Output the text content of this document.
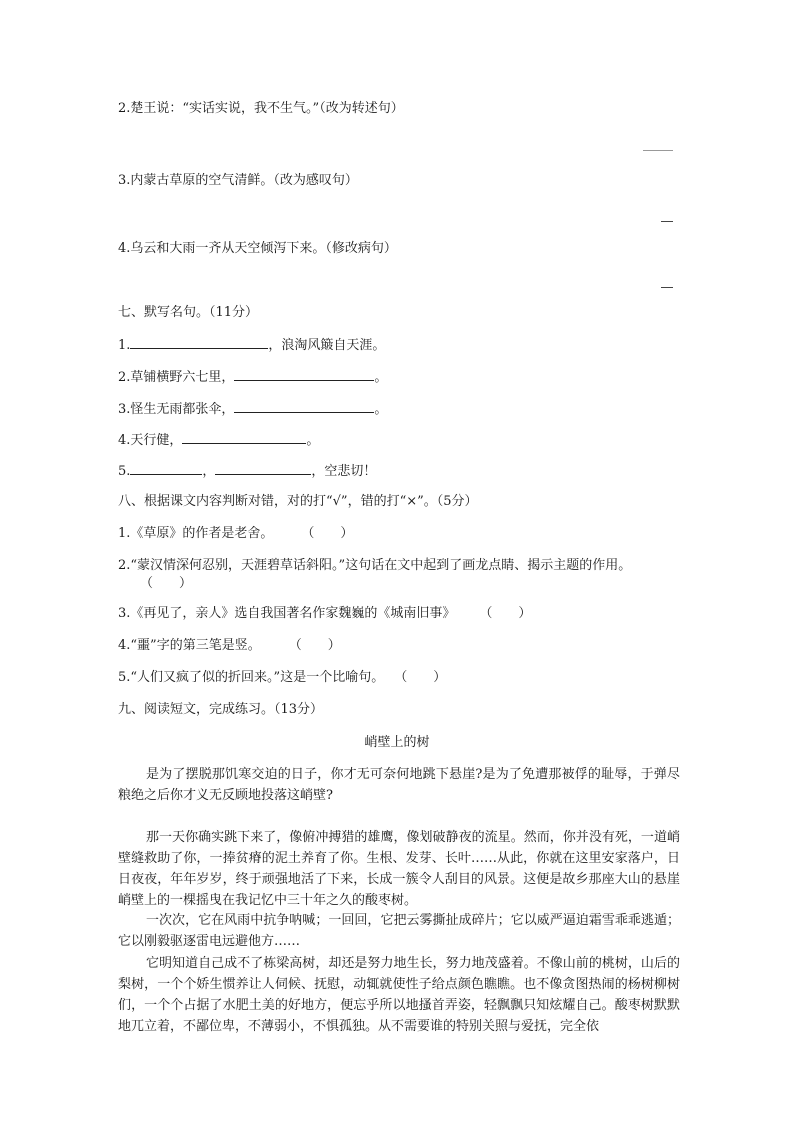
2.楚王说：“实话实说，我不生气。”（改为转述句）
3.内蒙古草原的空气清鲜。（改为感叹句）
4.乌云和大雨一齐从天空倾泻下来。（修改病句）
七、默写名句。（11分）
1.	，浪淘风簸自天涯。
2.草铺横野六七里，	。
3.怪生无雨都张伞，	。
4.天行健，	。
5.	，	，空悲切！
八、根据课文内容判断对错，对的打“√”，错的打“×”。（5分）
1.《草原》的作者是老舍。 （　　）
2.“蒙汉情深何忍别，天涯碧草话斜阳。”这句话在文中起到了画龙点睛、揭示主题的作用。
（　　）
3.《再见了，亲人》选自我国著名作家魏巍的《城南旧事》 （　　）
4.“噩”字的第三笔是竖。 （　　）
5.“人们又疯了似的折回来。”这是一个比喻句。 （　　）
九、阅读短文，完成练习。（13分）
峭壁上的树

是为了摆脱那饥寒交迫的日子，你才无可奈何地跳下悬崖?是为了免遭那被俘的耻辱，于弹尽粮绝之后你才义无反顾地投落这峭壁?

那一天你确实跳下来了，像俯冲搏猎的雄鹰，像划破静夜的流星。然而，你并没有死，一道峭壁缝救助了你，一捧贫瘠的泥土养育了你。生根、发芽、长叶……从此，你就在这里安家落户，日日夜夜，年年岁岁，终于顽强地活了下来，长成一簇令人刮目的风景。这便是故乡那座大山的悬崖峭壁上的一棵摇曳在我记忆中三十年之久的酸枣树。

一次次，它在风雨中抗争呐喊；一回回，它把云雾撕扯成碎片；它以威严逼迫霜雪乖乖逃遁；它以刚毅驱逐雷电远避他方……

它明知道自己成不了栋梁高树，却还是努力地生长，努力地茂盛着。不像山前的桃树，山后的梨树，一个个娇生惯养让人伺候、抚慰，动辄就使性子给点颜色瞧瞧。也不像贪图热闹的杨树柳树们，一个个占据了水肥土美的好地方，便忘乎所以地搔首弄姿，轻飘飘只知炫耀自己。酸枣树默默地兀立着，不鄙位卑，不薄弱小，不惧孤独。从不需要谁的特别关照与爱抚，完全依
